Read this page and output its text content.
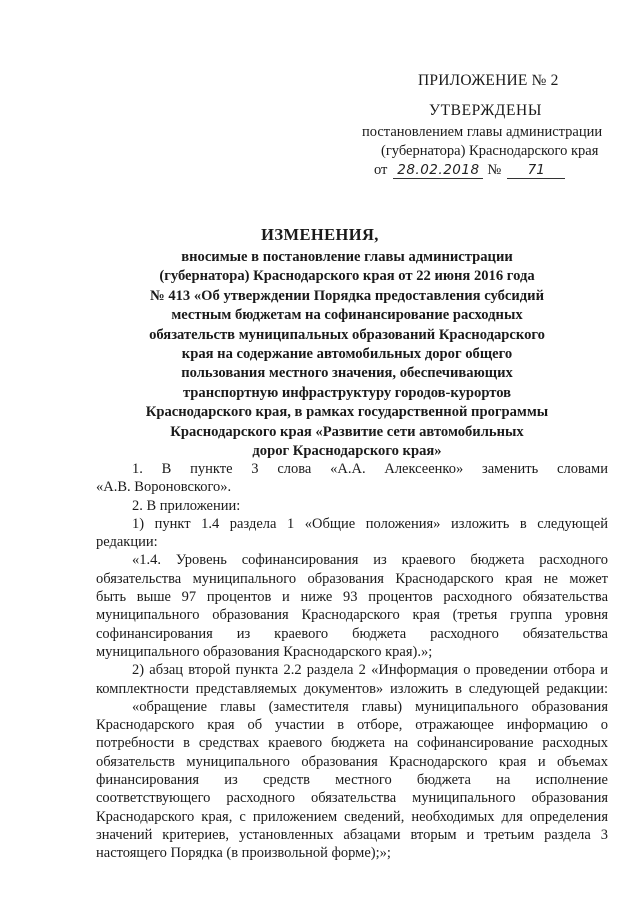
ПРИЛОЖЕНИЕ № 2
УТВЕРЖДЕНЫ
постановлением главы администрации
(губернатора) Краснодарского края
от 28.02.2018 № 71
ИЗМЕНЕНИЯ,
вносимые в постановление главы администрации
(губернатора) Краснодарского края от 22 июня 2016 года
№ 413 «Об утверждении Порядка предоставления субсидий
местным бюджетам на софинансирование расходных
обязательств муниципальных образований Краснодарского
края на содержание автомобильных дорог общего
пользования местного значения, обеспечивающих
транспортную инфраструктуру городов-курортов
Краснодарского края, в рамках государственной программы
Краснодарского края «Развитие сети автомобильных
дорог Краснодарского края»
1. В пункте 3 слова «А.А. Алексеенко» заменить словами
«А.В. Вороновского».
2. В приложении:
1) пункт 1.4 раздела 1 «Общие положения» изложить в следующей
редакции:
«1.4. Уровень софинансирования из краевого бюджета расходного
обязательства муниципального образования Краснодарского края не может
быть выше 97 процентов и ниже 93 процентов расходного обязательства
муниципального образования Краснодарского края (третья группа уровня
софинансирования из краевого бюджета расходного обязательства
муниципального образования Краснодарского края).»;
2) абзац второй пункта 2.2 раздела 2 «Информация о проведении отбора и
комплектности представляемых документов» изложить в следующей редакции:
«обращение главы (заместителя главы) муниципального образования
Краснодарского края об участии в отборе, отражающее информацию о
потребности в средствах краевого бюджета на софинансирование расходных
обязательств муниципального образования Краснодарского края и объемах
финансирования из средств местного бюджета на исполнение
соответствующего расходного обязательства муниципального образования
Краснодарского края, с приложением сведений, необходимых для определения
значений критериев, установленных абзацами вторым и третьим раздела 3
настоящего Порядка (в произвольной форме);»;
